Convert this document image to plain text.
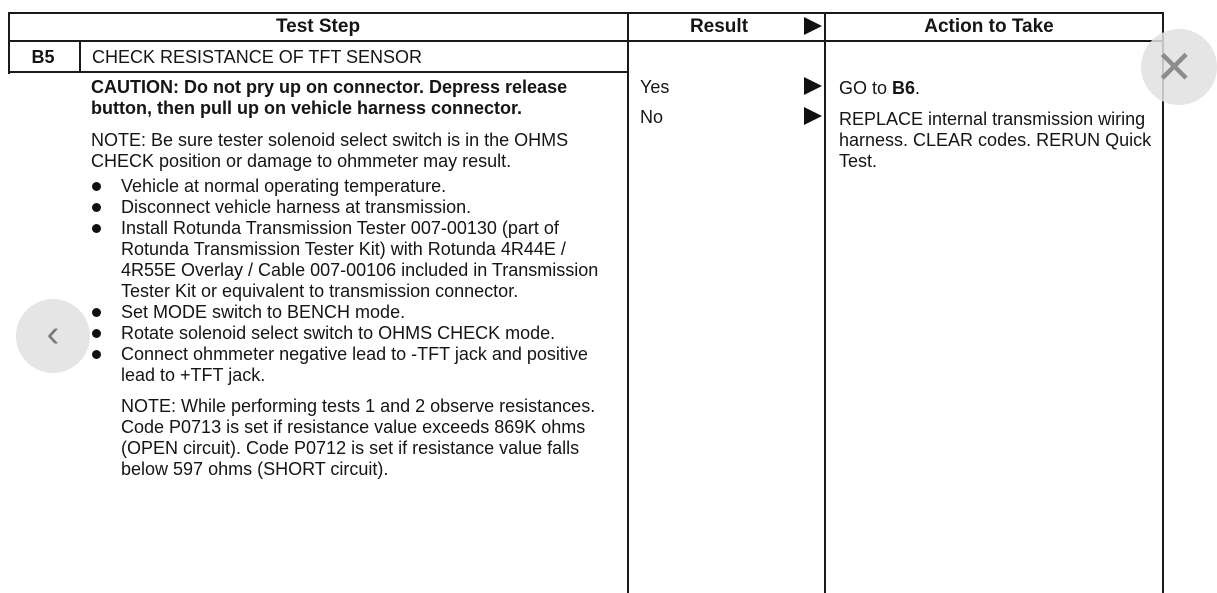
Test Step	Result	Action to Take
B5	CHECK RESISTANCE OF TFT SENSOR

CAUTION: Do not pry up on connector. Depress release button, then pull up on vehicle harness connector.

NOTE: Be sure tester solenoid select switch is in the OHMS CHECK position or damage to ohmmeter may result.

Vehicle at normal operating temperature.
Disconnect vehicle harness at transmission.
Install Rotunda Transmission Tester 007-00130 (part of Rotunda Transmission Tester Kit) with Rotunda 4R44E / 4R55E Overlay / Cable 007-00106 included in Transmission Tester Kit or equivalent to transmission connector.
Set MODE switch to BENCH mode.
Rotate solenoid select switch to OHMS CHECK mode.
Connect ohmmeter negative lead to -TFT jack and positive lead to +TFT jack.

NOTE: While performing tests 1 and 2 observe resistances. Code P0713 is set if resistance value exceeds 869K ohms (OPEN circuit). Code P0712 is set if resistance value falls below 597 ohms (SHORT circuit).

Yes	GO to B6.
No	REPLACE internal transmission wiring harness. CLEAR codes. RERUN Quick Test.
‹
✕
